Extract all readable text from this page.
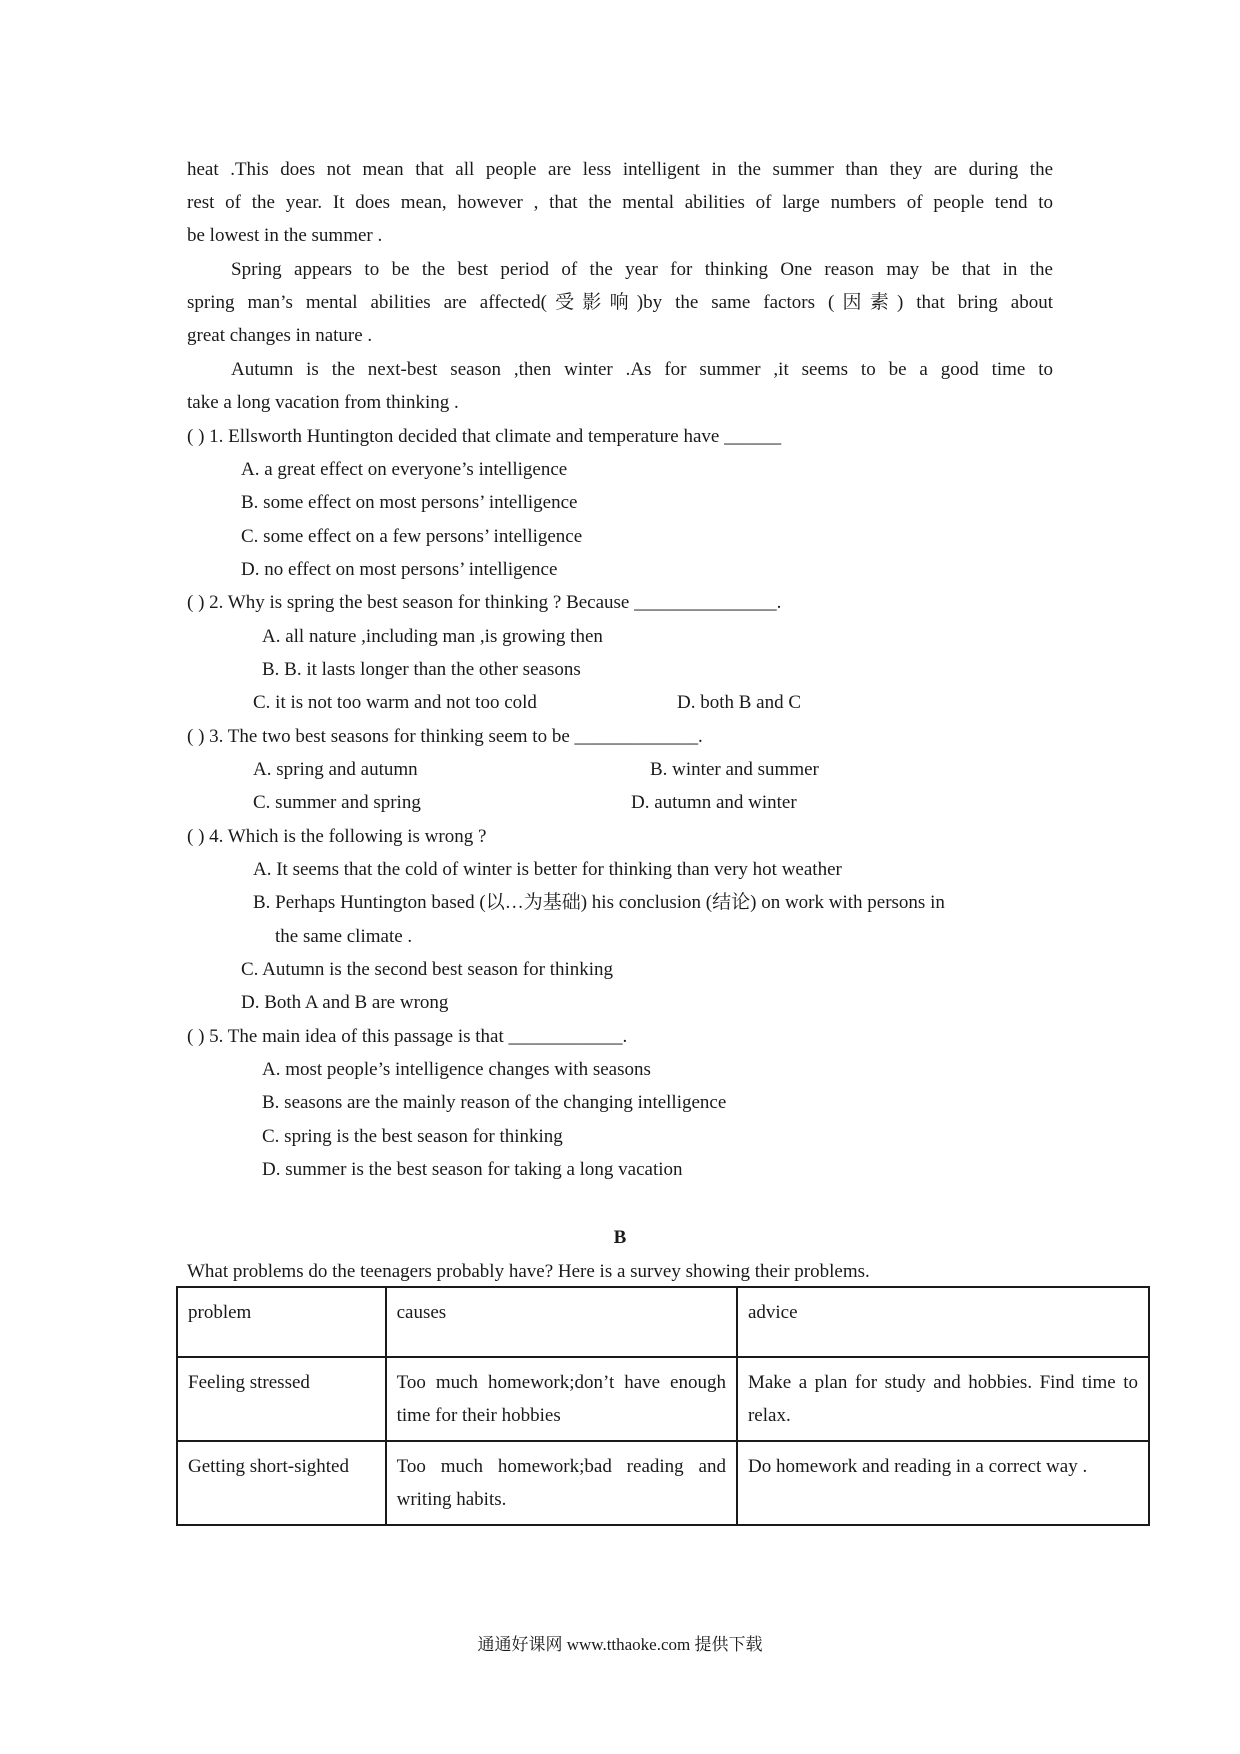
heat .This does not mean that all people are less intelligent in the summer than they are during the
rest of the year. It does mean, however , that the mental abilities of large numbers of people tend to
be lowest in the summer .
Spring appears to be the best period of the year for thinking One reason may be that in the
spring man’s mental abilities are affected(受影响)by the same factors (因素) that bring about
great changes in nature .
Autumn is the next-best season ,then winter .As for summer ,it seems to be a good time to
take a long vacation from thinking .
( ) 1. Ellsworth Huntington decided that climate and temperature have ______
A. a great effect on everyone’s intelligence
B. some effect on most persons’ intelligence
C. some effect on a few persons’ intelligence
D. no effect on most persons’ intelligence
( ) 2. Why is spring the best season for thinking ? Because _______________.
A. all nature ,including man ,is growing then
B. B. it lasts longer than the other seasons
C. it is not too warm and not too cold	D. both B and C
( ) 3. The two best seasons for thinking seem to be _____________.
A. spring and autumn	B. winter and summer
C. summer and spring	D. autumn and winter
( ) 4. Which is the following is wrong ?
A. It seems that the cold of winter is better for thinking than very hot weather
B. Perhaps Huntington based (以…为基础) his conclusion (结论) on work with persons in
the same climate .
C. Autumn is the second best season for thinking
D. Both A and B are wrong
( ) 5. The main idea of this passage is that ____________.
A. most people’s intelligence changes with seasons
B. seasons are the mainly reason of the changing intelligence
C. spring is the best season for thinking
D. summer is the best season for taking a long vacation
B
What problems do the teenagers probably have? Here is a survey showing their problems.
problem	causes	advice
Feeling stressed	Too much homework;don’t have enough time for their hobbies	Make a plan for study and hobbies. Find time to relax.
Getting short-sighted	Too much homework;bad reading and writing habits.	Do homework and reading in a correct way .
通通好课网 www.tthaoke.com 提供下载
